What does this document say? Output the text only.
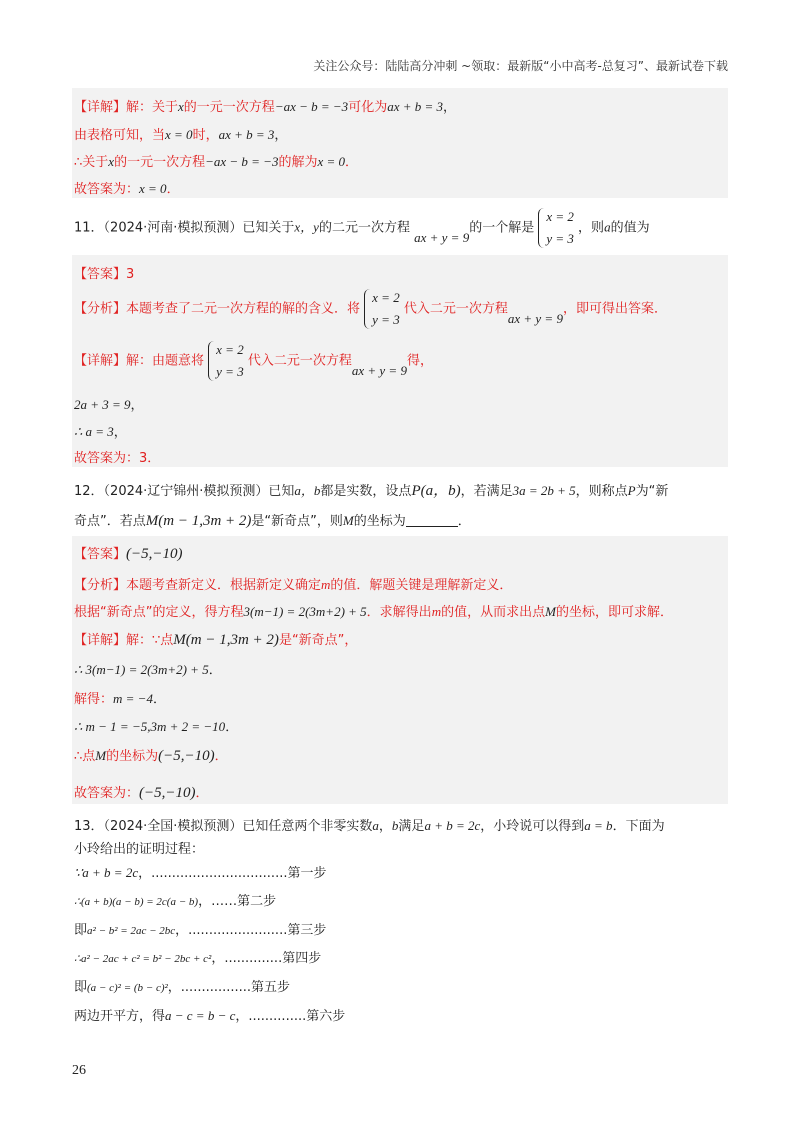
关注公众号：陆陆高分冲刺 ~领取：最新版“小中高考-总复习”、最新试卷下载
【详解】解：关于x的一元一次方程−ax − b = −3可化为ax + b = 3，
由表格可知，当x = 0时，ax + b = 3，
∴关于x的一元一次方程−ax − b = −3的解为x = 0．
故答案为：x = 0．
11．（2024·河南·模拟预测）已知关于x，y的二元一次方程 ax + y = 9的一个解是
x = 2
y = 3
，则a的值为
【答案】3
【分析】本题考查了二元一次方程的解的含义．将
x = 2
y = 3
代入二元一次方程ax + y = 9，即可得出答案．
【详解】解：由题意将
x = 2
y = 3
代入二元一次方程ax + y = 9得，
2a + 3 = 9，
∴ a = 3，
故答案为：3．
12．（2024·辽宁锦州·模拟预测）已知a，b都是实数，设点P(a，b)，若满足3a = 2b + 5，则称点P为“新
奇点”．若点M(m − 1,3m + 2)是“新奇点”，则M的坐标为	．
【答案】(−5,−10)
【分析】本题考查新定义．根据新定义确定m的值．解题关键是理解新定义．
根据“新奇点”的定义，得方程3(m−1) = 2(3m+2) + 5．求解得出m的值，从而求出点M的坐标，即可求解．
【详解】解：∵点M(m − 1,3m + 2)是“新奇点”，
∴ 3(m−1) = 2(3m+2) + 5．
解得：m = −4．
∴ m − 1 = −5,3m + 2 = −10．
∴点M的坐标为(−5,−10)．
故答案为：(−5,−10)．
13．（2024·全国·模拟预测）已知任意两个非零实数a，b满足a + b = 2c，小玲说可以得到a = b．下面为
小玲给出的证明过程：
∵a + b = 2c，.................................第一步
∴(a + b)(a − b) = 2c(a − b)，……第二步
即a² − b² = 2ac − 2bc，........................第三步
∴a² − 2ac + c² = b² − 2bc + c²，..............第四步
即(a − c)² = (b − c)²，.................第五步
两边开平方，得a − c = b − c，..............第六步
26
